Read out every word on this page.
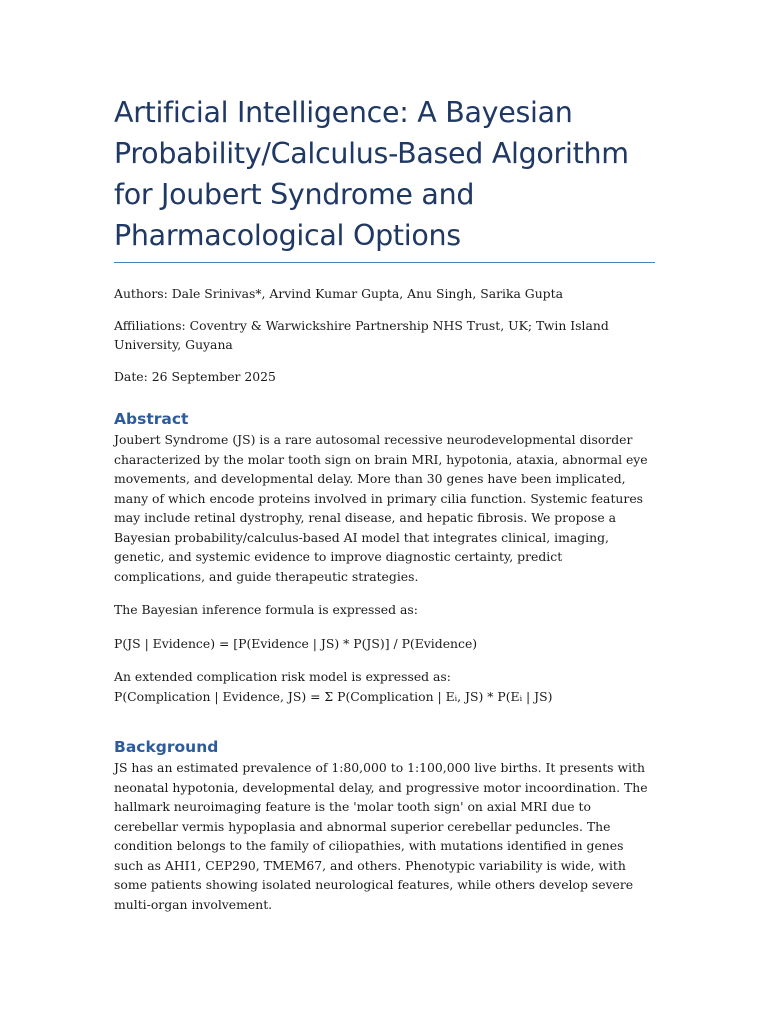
Artificial Intelligence: A Bayesian Probability/Calculus-Based Algorithm for Joubert Syndrome and Pharmacological Options

Authors: Dale Srinivas*, Arvind Kumar Gupta, Anu Singh, Sarika Gupta

Affiliations: Coventry & Warwickshire Partnership NHS Trust, UK; Twin Island University, Guyana

Date: 26 September 2025

Abstract

Joubert Syndrome (JS) is a rare autosomal recessive neurodevelopmental disorder characterized by the molar tooth sign on brain MRI, hypotonia, ataxia, abnormal eye movements, and developmental delay. More than 30 genes have been implicated, many of which encode proteins involved in primary cilia function. Systemic features may include retinal dystrophy, renal disease, and hepatic fibrosis. We propose a Bayesian probability/calculus-based AI model that integrates clinical, imaging, genetic, and systemic evidence to improve diagnostic certainty, predict complications, and guide therapeutic strategies.

The Bayesian inference formula is expressed as:

P(JS | Evidence) = [P(Evidence | JS) * P(JS)] / P(Evidence)

An extended complication risk model is expressed as:

P(Complication | Evidence, JS) = Σ P(Complication | Eᵢ, JS) * P(Eᵢ | JS)

Background

JS has an estimated prevalence of 1:80,000 to 1:100,000 live births. It presents with neonatal hypotonia, developmental delay, and progressive motor incoordination. The hallmark neuroimaging feature is the 'molar tooth sign' on axial MRI due to cerebellar vermis hypoplasia and abnormal superior cerebellar peduncles. The condition belongs to the family of ciliopathies, with mutations identified in genes such as AHI1, CEP290, TMEM67, and others. Phenotypic variability is wide, with some patients showing isolated neurological features, while others develop severe multi-organ involvement.
